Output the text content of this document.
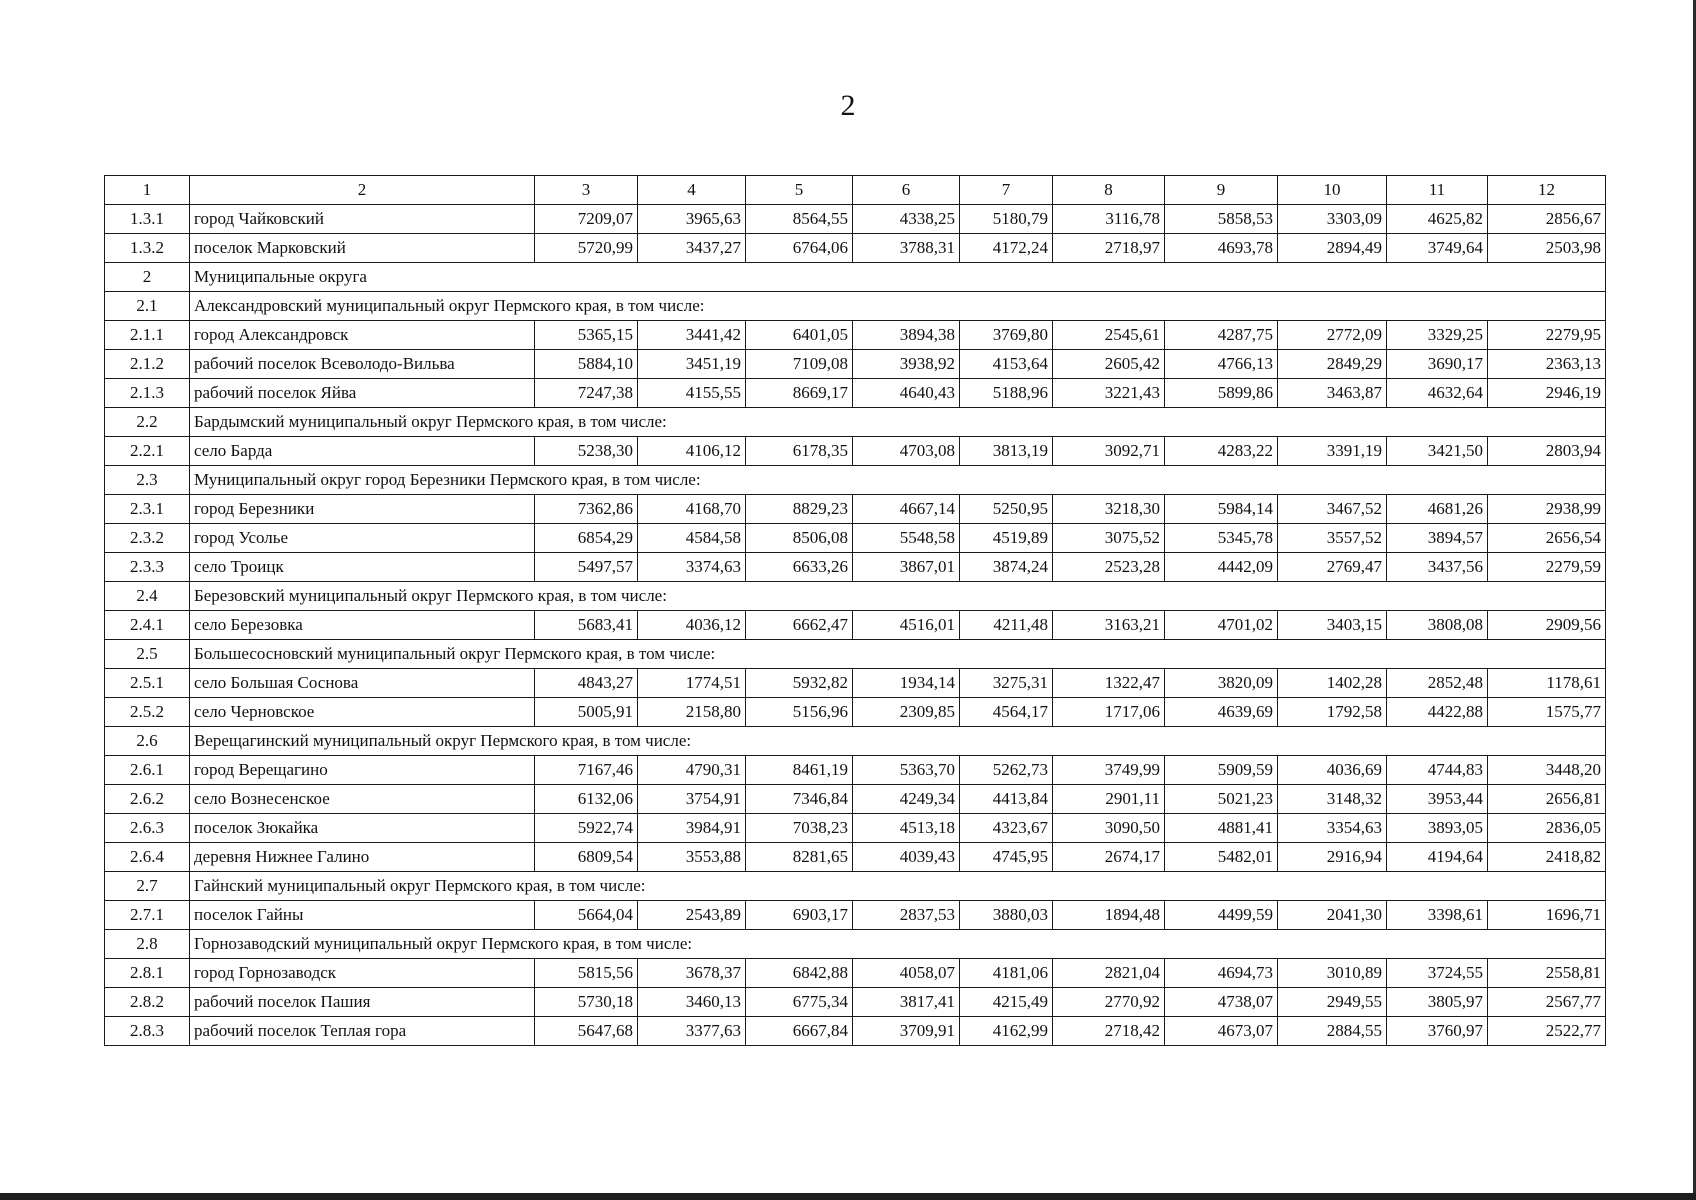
2
1	2	3	4	5	6	7	8	9	10	11	12
1.3.1	город Чайковский	7209,07	3965,63	8564,55	4338,25	5180,79	3116,78	5858,53	3303,09	4625,82	2856,67
1.3.2	поселок Марковский	5720,99	3437,27	6764,06	3788,31	4172,24	2718,97	4693,78	2894,49	3749,64	2503,98
2	Муниципальные округа										
2.1	Александровский муниципальный округ Пермского края, в том числе:										
2.1.1	город Александровск	5365,15	3441,42	6401,05	3894,38	3769,80	2545,61	4287,75	2772,09	3329,25	2279,95
2.1.2	рабочий поселок Всеволодо-Вильва	5884,10	3451,19	7109,08	3938,92	4153,64	2605,42	4766,13	2849,29	3690,17	2363,13
2.1.3	рабочий поселок Яйва	7247,38	4155,55	8669,17	4640,43	5188,96	3221,43	5899,86	3463,87	4632,64	2946,19
2.2	Бардымский муниципальный округ Пермского края, в том числе:										
2.2.1	село Барда	5238,30	4106,12	6178,35	4703,08	3813,19	3092,71	4283,22	3391,19	3421,50	2803,94
2.3	Муниципальный округ город Березники Пермского края, в том числе:										
2.3.1	город Березники	7362,86	4168,70	8829,23	4667,14	5250,95	3218,30	5984,14	3467,52	4681,26	2938,99
2.3.2	город Усолье	6854,29	4584,58	8506,08	5548,58	4519,89	3075,52	5345,78	3557,52	3894,57	2656,54
2.3.3	село Троицк	5497,57	3374,63	6633,26	3867,01	3874,24	2523,28	4442,09	2769,47	3437,56	2279,59
2.4	Березовский муниципальный округ Пермского края, в том числе:										
2.4.1	село Березовка	5683,41	4036,12	6662,47	4516,01	4211,48	3163,21	4701,02	3403,15	3808,08	2909,56
2.5	Большесосновский муниципальный округ Пермского края, в том числе:										
2.5.1	село Большая Соснова	4843,27	1774,51	5932,82	1934,14	3275,31	1322,47	3820,09	1402,28	2852,48	1178,61
2.5.2	село Черновское	5005,91	2158,80	5156,96	2309,85	4564,17	1717,06	4639,69	1792,58	4422,88	1575,77
2.6	Верещагинский муниципальный округ Пермского края, в том числе:										
2.6.1	город Верещагино	7167,46	4790,31	8461,19	5363,70	5262,73	3749,99	5909,59	4036,69	4744,83	3448,20
2.6.2	село Вознесенское	6132,06	3754,91	7346,84	4249,34	4413,84	2901,11	5021,23	3148,32	3953,44	2656,81
2.6.3	поселок Зюкайка	5922,74	3984,91	7038,23	4513,18	4323,67	3090,50	4881,41	3354,63	3893,05	2836,05
2.6.4	деревня Нижнее Галино	6809,54	3553,88	8281,65	4039,43	4745,95	2674,17	5482,01	2916,94	4194,64	2418,82
2.7	Гайнский муниципальный округ Пермского края, в том числе:										
2.7.1	поселок Гайны	5664,04	2543,89	6903,17	2837,53	3880,03	1894,48	4499,59	2041,30	3398,61	1696,71
2.8	Горнозаводский муниципальный округ Пермского края, в том числе:										
2.8.1	город Горнозаводск	5815,56	3678,37	6842,88	4058,07	4181,06	2821,04	4694,73	3010,89	3724,55	2558,81
2.8.2	рабочий поселок Пашия	5730,18	3460,13	6775,34	3817,41	4215,49	2770,92	4738,07	2949,55	3805,97	2567,77
2.8.3	рабочий поселок Теплая гора	5647,68	3377,63	6667,84	3709,91	4162,99	2718,42	4673,07	2884,55	3760,97	2522,77
